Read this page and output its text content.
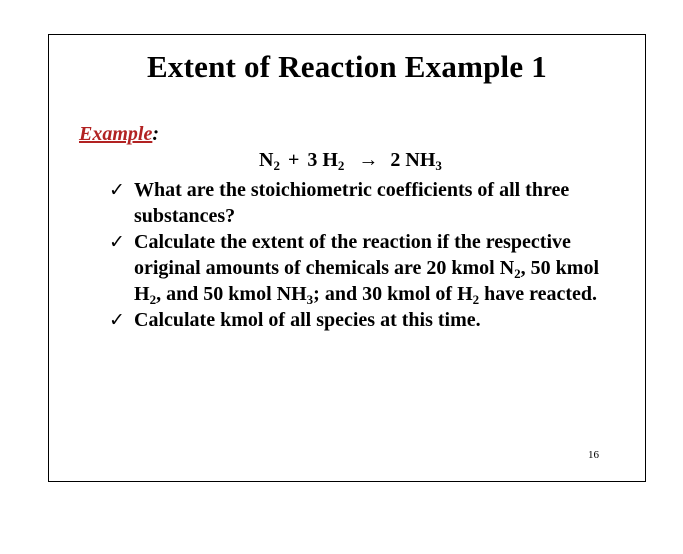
Extent of Reaction Example 1
Example:
$N_2 + 3$ $H_2 \to 2$ $NH_3$
✓ What are the stoichiometric coefficients of all three substances?
✓ Calculate the extent of the reaction if the respective original amounts of chemicals are 20 kmol $N_2$, 50 kmol $H_2$, and 50 kmol $NH_3$; and 30 kmol of $H_2$ have reacted.
✓ Calculate kmol of all species at this time.
16
